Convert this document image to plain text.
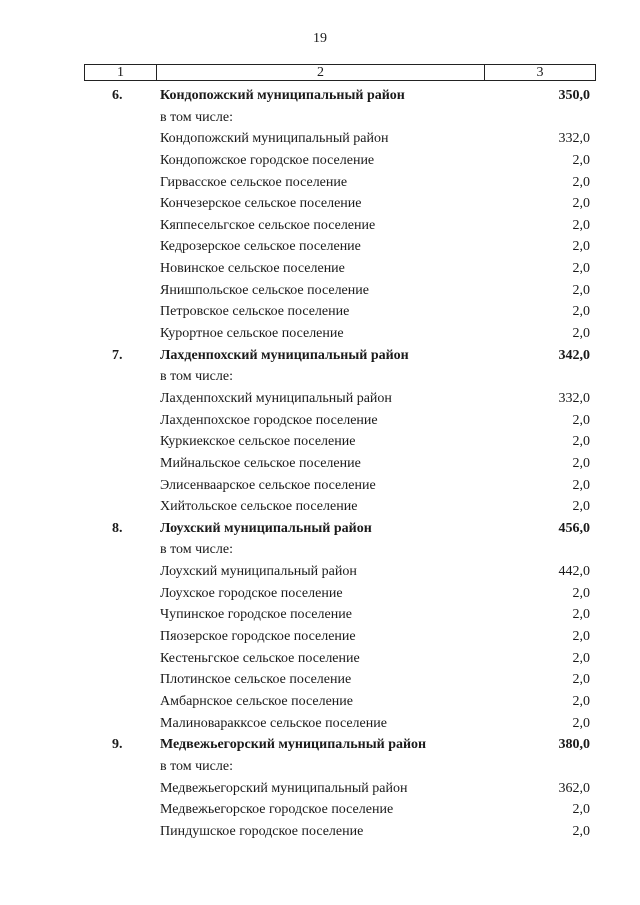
19
1	2	3
6.	Кондопожский муниципальный район	350,0
в том числе:
Кондопожский муниципальный район	332,0
Кондопожское городское поселение	2,0
Гирвасское сельское поселение	2,0
Кончезерское сельское поселение	2,0
Кяппесельгское сельское поселение	2,0
Кедрозерское сельское поселение	2,0
Новинское сельское поселение	2,0
Янишпольское сельское поселение	2,0
Петровское сельское поселение	2,0
Курортное сельское поселение	2,0
7.	Лахденпохский муниципальный район	342,0
в том числе:
Лахденпохский муниципальный район	332,0
Лахденпохское городское поселение	2,0
Куркиекское сельское поселение	2,0
Мийнальское сельское поселение	2,0
Элисенваарское сельское поселение	2,0
Хийтольское сельское поселение	2,0
8.	Лоухский муниципальный район	456,0
в том числе:
Лоухский муниципальный район	442,0
Лоухское городское поселение	2,0
Чупинское городское поселение	2,0
Пяозерское городское поселение	2,0
Кестеньгское сельское поселение	2,0
Плотинское сельское поселение	2,0
Амбарнское сельское поселение	2,0
Малиноваракксое сельское поселение	2,0
9.	Медвежьегорский муниципальный район	380,0
в том числе:
Медвежьегорский муниципальный район	362,0
Медвежьегорское городское поселение	2,0
Пиндушское городское поселение	2,0
